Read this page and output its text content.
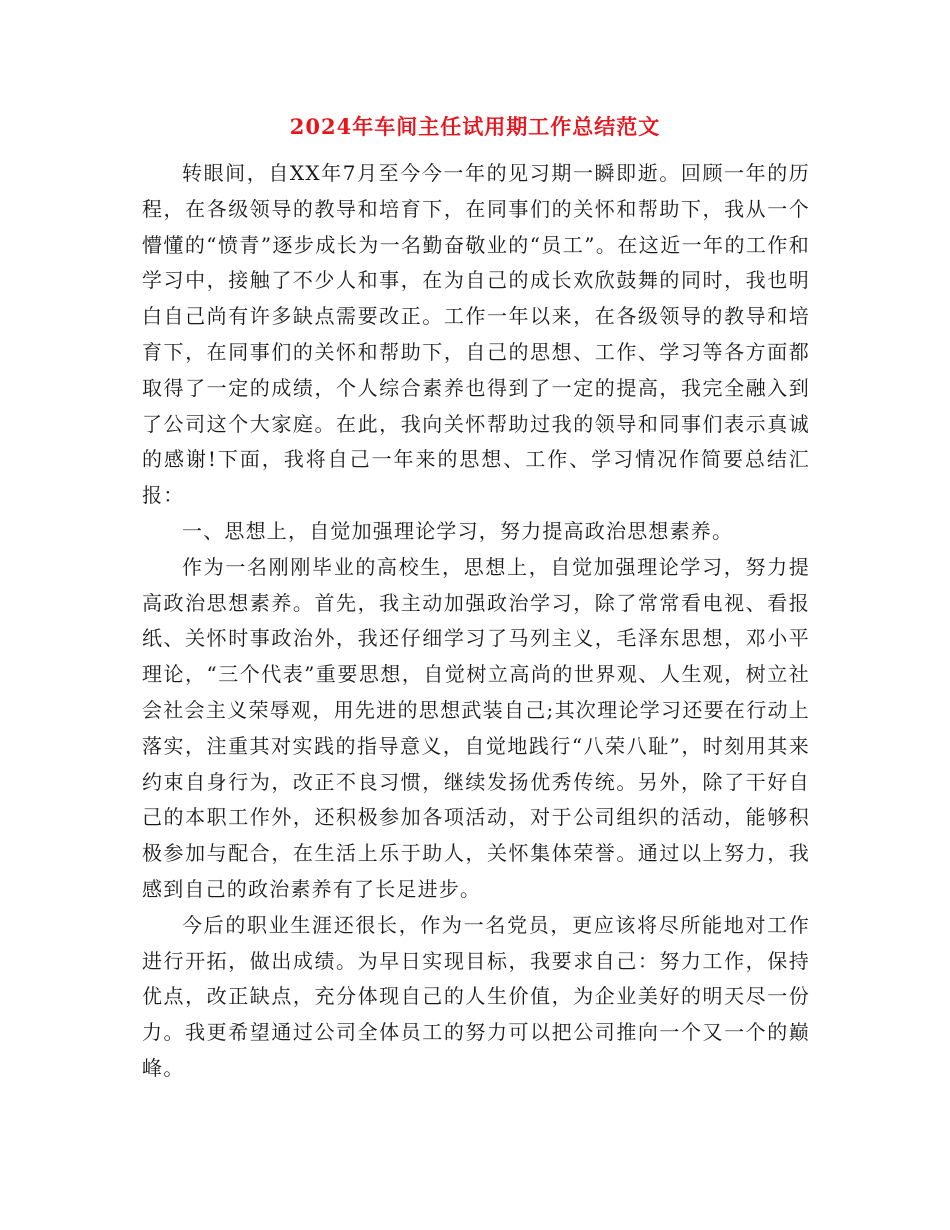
2024年车间主任试用期工作总结范文

转眼间，自XX年7月至今今一年的见习期一瞬即逝。回顾一年的历程，在各级领导的教导和培育下，在同事们的关怀和帮助下，我从一个懵懂的“愤青”逐步成长为一名勤奋敬业的“员工”。在这近一年的工作和学习中，接触了不少人和事，在为自己的成长欢欣鼓舞的同时，我也明白自己尚有许多缺点需要改正。工作一年以来，在各级领导的教导和培育下，在同事们的关怀和帮助下，自己的思想、工作、学习等各方面都取得了一定的成绩，个人综合素养也得到了一定的提高，我完全融入到了公司这个大家庭。在此，我向关怀帮助过我的领导和同事们表示真诚的感谢!下面，我将自己一年来的思想、工作、学习情况作简要总结汇报：

一、思想上，自觉加强理论学习，努力提高政治思想素养。

作为一名刚刚毕业的高校生，思想上，自觉加强理论学习，努力提高政治思想素养。首先，我主动加强政治学习，除了常常看电视、看报纸、关怀时事政治外，我还仔细学习了马列主义，毛泽东思想，邓小平理论，“三个代表”重要思想，自觉树立高尚的世界观、人生观，树立社会社会主义荣辱观，用先进的思想武装自己;其次理论学习还要在行动上落实，注重其对实践的指导意义，自觉地践行“八荣八耻”，时刻用其来约束自身行为，改正不良习惯，继续发扬优秀传统。另外，除了干好自己的本职工作外，还积极参加各项活动，对于公司组织的活动，能够积极参加与配合，在生活上乐于助人，关怀集体荣誉。通过以上努力，我感到自己的政治素养有了长足进步。

今后的职业生涯还很长，作为一名党员，更应该将尽所能地对工作进行开拓，做出成绩。为早日实现目标，我要求自己：努力工作，保持优点，改正缺点，充分体现自己的人生价值，为企业美好的明天尽一份力。我更希望通过公司全体员工的努力可以把公司推向一个又一个的巅峰。
